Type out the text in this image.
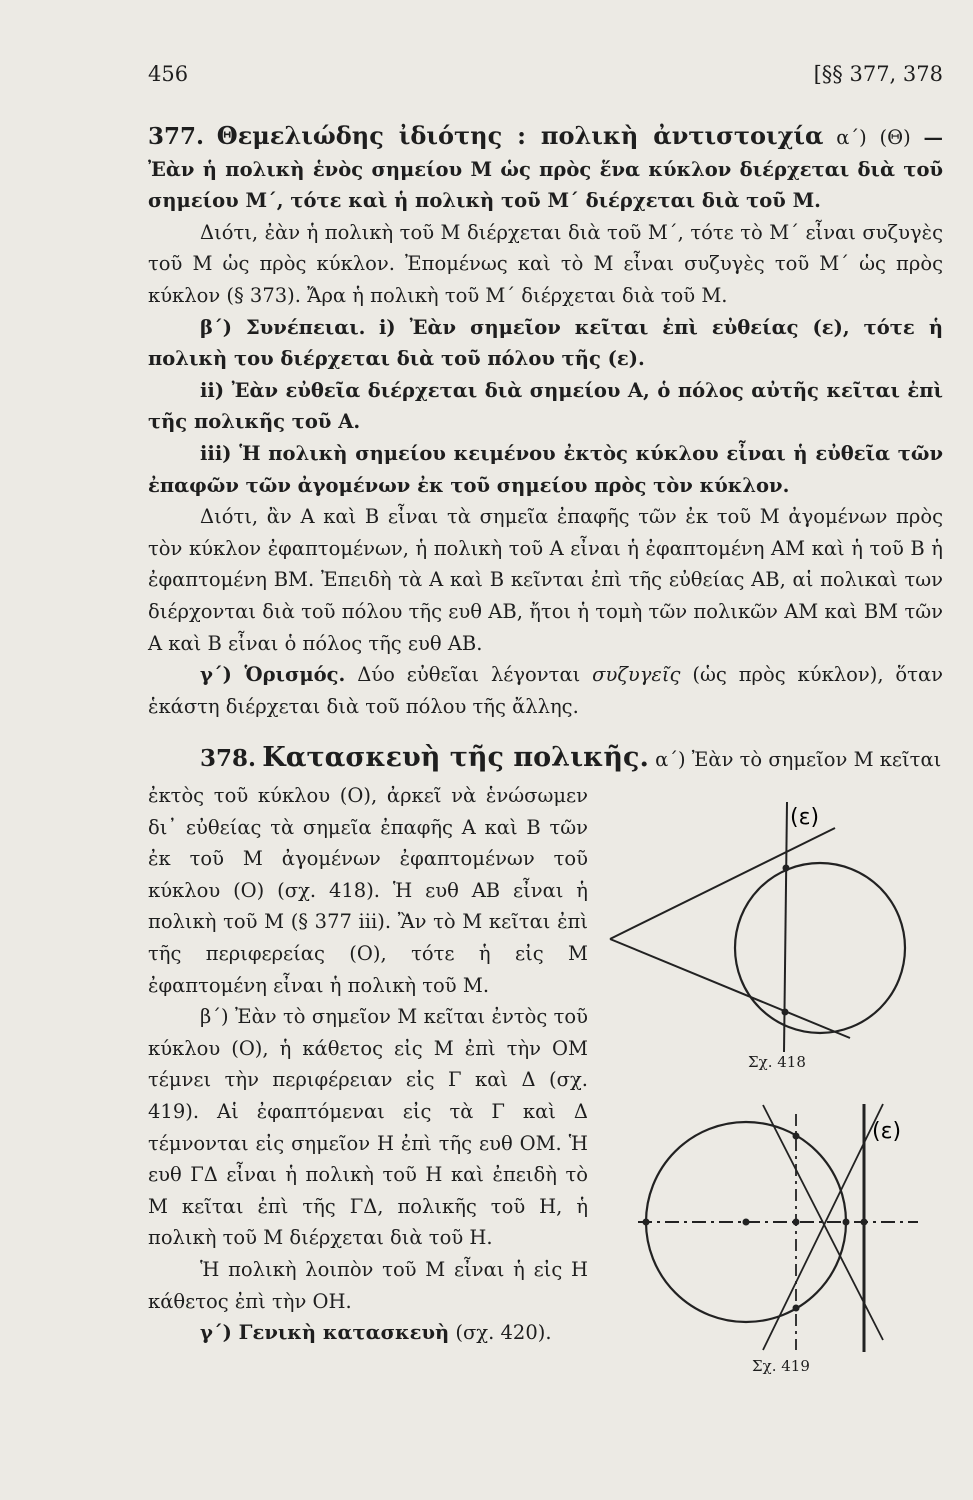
456	[§§ 377, 378

377. Θεμελιώδης ἰδιότης : πολικὴ ἀντιστοιχία α΄) (Θ) — Ἐὰν ἡ πολικὴ ἑνὸς σημείου Μ ὡς πρὸς ἕνα κύκλον διέρχεται διὰ τοῦ σημείου Μ΄, τότε καὶ ἡ πολικὴ τοῦ Μ΄ διέρχεται διὰ τοῦ Μ.

Διότι, ἐὰν ἡ πολικὴ τοῦ Μ διέρχεται διὰ τοῦ Μ΄, τότε τὸ Μ΄ εἶναι συζυγὲς τοῦ Μ ὡς πρὸς κύκλον. Ἐπομένως καὶ τὸ Μ εἶναι συζυγὲς τοῦ Μ΄ ὡς πρὸς κύκλον (§ 373). Ἄρα ἡ πολικὴ τοῦ Μ΄ διέρχεται διὰ τοῦ Μ.

β΄) Συνέπειαι. i) Ἐὰν σημεῖον κεῖται ἐπὶ εὐθείας (ε), τότε ἡ πολικὴ του διέρχεται διὰ τοῦ πόλου τῆς (ε).

ii) Ἐὰν εὐθεῖα διέρχεται διὰ σημείου Α, ὁ πόλος αὐτῆς κεῖται ἐπὶ τῆς πολικῆς τοῦ Α.

iii) Ἡ πολικὴ σημείου κειμένου ἐκτὸς κύκλου εἶναι ἡ εὐθεῖα τῶν ἐπαφῶν τῶν ἀγομένων ἐκ τοῦ σημείου πρὸς τὸν κύκλον.

Διότι, ἂν Α καὶ Β εἶναι τὰ σημεῖα ἐπαφῆς τῶν ἐκ τοῦ Μ ἀγομένων πρὸς τὸν κύκλον ἐφαπτομένων, ἡ πολικὴ τοῦ Α εἶναι ἡ ἐφαπτομένη ΑΜ καὶ ἡ τοῦ Β ἡ ἐφαπτομένη ΒΜ. Ἐπειδὴ τὰ Α καὶ Β κεῖνται ἐπὶ τῆς εὐθείας ΑΒ, αἱ πολικαὶ των διέρχονται διὰ τοῦ πόλου τῆς ευθ ΑΒ, ἤτοι ἡ τομὴ τῶν πολικῶν ΑΜ καὶ ΒΜ τῶν Α καὶ Β εἶναι ὁ πόλος τῆς ευθ ΑΒ.

γ΄) Ὁρισμός. Δύο εὐθεῖαι λέγονται συζυγεῖς (ὡς πρὸς κύκλον), ὅταν ἑκάστη διέρχεται διὰ τοῦ πόλου τῆς ἄλλης.

378. Κατασκευὴ τῆς πολικῆς. α΄) Ἐὰν τὸ σημεῖον Μ κεῖται

ἐκτὸς τοῦ κύκλου (Ο), ἀρκεῖ νὰ ἑνώσωμεν δι᾿ εὐθείας τὰ σημεῖα ἐπαφῆς Α καὶ Β τῶν ἐκ τοῦ Μ ἀγομένων ἐφαπτομένων τοῦ κύκλου (Ο) (σχ. 418). Ἡ ευθ ΑΒ εἶναι ἡ πολικὴ τοῦ Μ (§ 377 iii). Ἂν τὸ Μ κεῖται ἐπὶ τῆς περιφερείας (Ο), τότε ἡ εἰς Μ ἐφαπτομένη εἶναι ἡ πολικὴ τοῦ Μ.

β΄) Ἐὰν τὸ σημεῖον Μ κεῖται ἐντὸς τοῦ κύκλου (Ο), ἡ κάθετος εἰς Μ ἐπὶ τὴν ΟΜ τέμνει τὴν περιφέρειαν εἰς Γ καὶ Δ (σχ. 419). Αἱ ἐφαπτόμεναι εἰς τὰ Γ καὶ Δ τέμνονται εἰς σημεῖον Η ἐπὶ τῆς ευθ ΟΜ. Ἡ ευθ ΓΔ εἶναι ἡ πολικὴ τοῦ Η καὶ ἐπειδὴ τὸ Μ κεῖται ἐπὶ τῆς ΓΔ, πολικῆς τοῦ Η, ἡ πολικὴ τοῦ Μ διέρχεται διὰ τοῦ Η.

Ἡ πολικὴ λοιπὸν τοῦ Μ εἶναι ἡ εἰς Η κάθετος ἐπὶ τὴν ΟΗ.

γ΄) Γενικὴ κατασκευὴ (σχ. 420).

(ε)
Σχ. 418
(ε)
Σχ. 419
